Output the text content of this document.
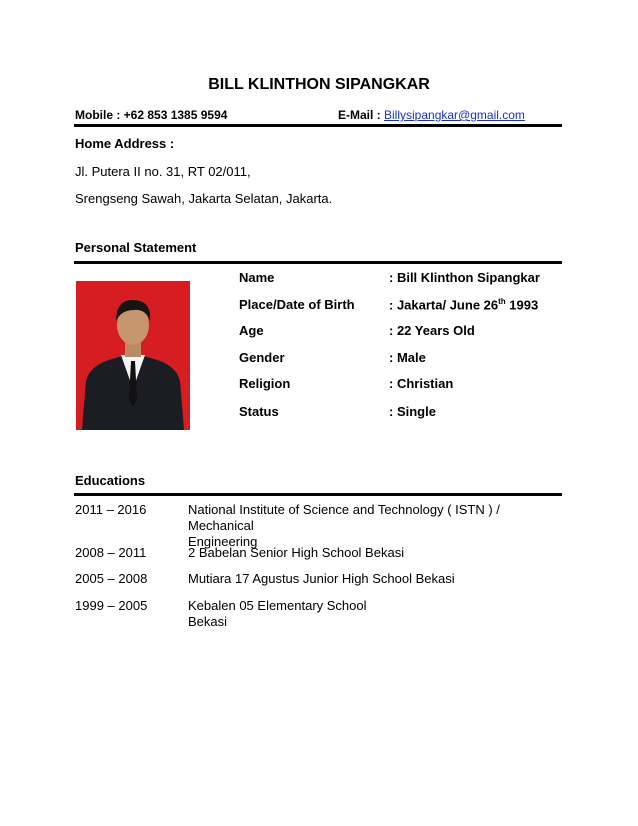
BILL KLINTHON SIPANGKAR
Mobile : +62 853 1385 9594	E-Mail : Billysipangkar@gmail.com
Home Address :
Jl. Putera II no. 31, RT 02/011,
Srengseng Sawah, Jakarta Selatan, Jakarta.
Personal Statement
Name	: Bill Klinthon Sipangkar
Place/Date of Birth	: Jakarta/ June 26th 1993
Age	: 22 Years Old
Gender	: Male
Religion	: Christian
Status	: Single
Educations
2011 – 2016	National Institute of Science and Technology ( ISTN ) / Mechanical
Engineering
2008 – 2011	2 Babelan Senior High School Bekasi
2005 – 2008	Mutiara 17 Agustus Junior High School Bekasi
1999 – 2005	Kebalen 05 Elementary School
Bekasi
